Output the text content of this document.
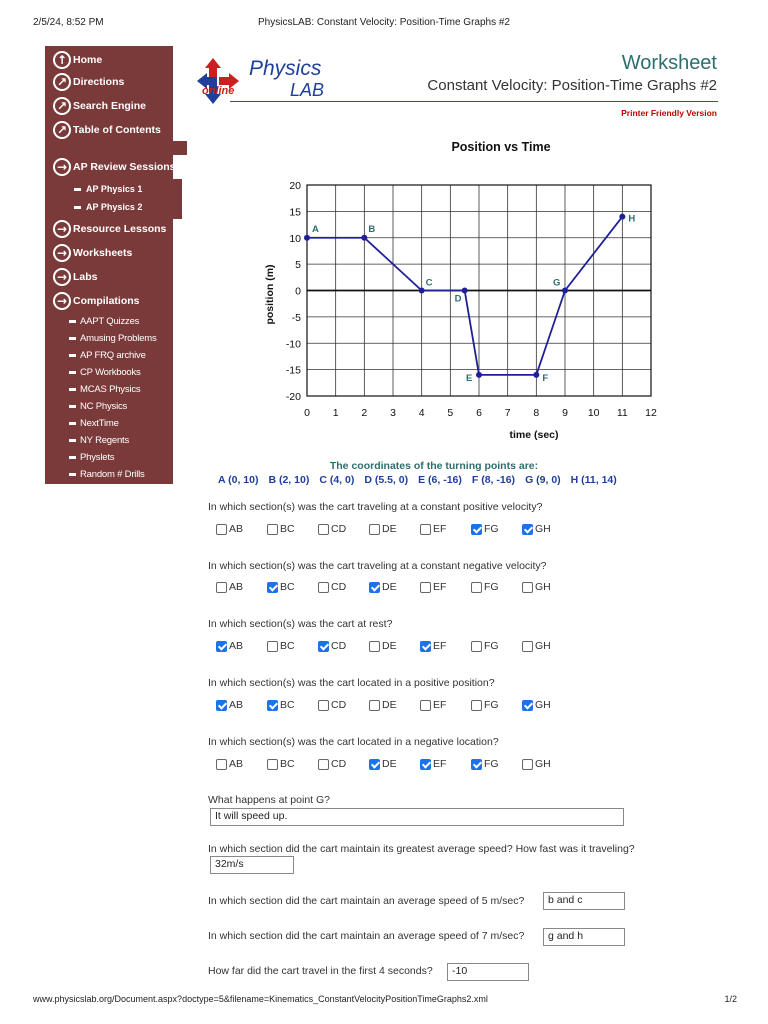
2/5/24, 8:52 PM	PhysicsLAB: Constant Velocity: Position-Time Graphs #2
www.physicslab.org/Document.aspx?doctype=5&filename=Kinematics_ConstantVelocityPositionTimeGraphs2.xml	1/2
↑ Home
↗ Directions
↗ Search Engine
↗ Table of Contents
→ AP Review Sessions
→ Resource Lessons
→ Worksheets
→ Labs
→ Compilations
AAPT Quizzes
Amusing Problems
AP FRQ archive
CP Workbooks
MCAS Physics
NC Physics
NextTime
NY Regents
Physlets
Random # Drills
AP Physics 1
AP Physics 2
Physics
LAB
online
Worksheet
Constant Velocity: Position-Time Graphs #2
Printer Friendly Version
Position vs Time
0 1 2 3 4 5 6 7 8 9 10 11 12
20
15
10
5
0
-5
-10
-15
-20
time (sec)
position (m)
A	B
C
D
E	F
G
H
The coordinates of the turning points are:
A (0, 10) B (2, 10) C (4, 0) D (5.5, 0) E (6, -16) F (8, -16) G (9, 0) H (11, 14)
In which section(s) was the cart traveling at a constant positive velocity?
AB	BC	CD	DE	EF	FG	GH
In which section(s) was the cart traveling at a constant negative velocity?
AB	BC	CD	DE	EF	FG	GH
In which section(s) was the cart at rest?
AB	BC	CD	DE	EF	FG	GH
In which section(s) was the cart located in a positive position?
AB	BC	CD	DE	EF	FG	GH
In which section(s) was the cart located in a negative location?
AB	BC	CD	DE	EF	FG	GH
What happens at point G?
It will speed up.
In which section did the cart maintain its greatest average speed? How fast was it traveling?
32m/s
In which section did the cart maintain an average speed of 5 m/sec?	b and c
In which section did the cart maintain an average speed of 7 m/sec?	g and h
How far did the cart travel in the first 4 seconds?	-10
